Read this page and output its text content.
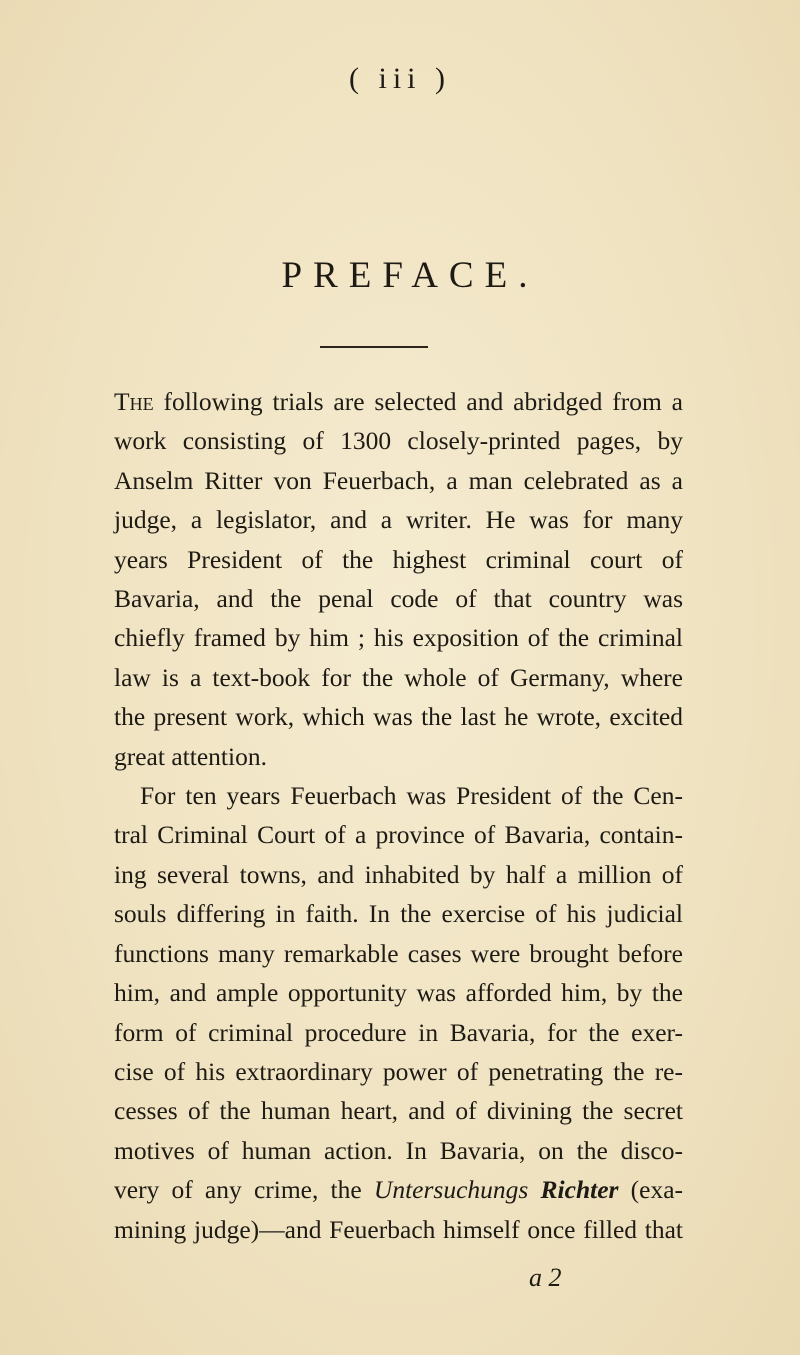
( iii )
PREFACE.
The following trials are selected and abridged from a
work consisting of 1300 closely-printed pages, by
Anselm Ritter von Feuerbach, a man celebrated as a
judge, a legislator, and a writer. He was for many
years President of the highest criminal court of
Bavaria, and the penal code of that country was
chiefly framed by him ; his exposition of the criminal
law is a text-book for the whole of Germany, where
the present work, which was the last he wrote, excited
great attention.
For ten years Feuerbach was President of the Cen-
tral Criminal Court of a province of Bavaria, contain-
ing several towns, and inhabited by half a million of
souls differing in faith. In the exercise of his judicial
functions many remarkable cases were brought before
him, and ample opportunity was afforded him, by the
form of criminal procedure in Bavaria, for the exer-
cise of his extraordinary power of penetrating the re-
cesses of the human heart, and of divining the secret
motives of human action. In Bavaria, on the disco-
very of any crime, the Untersuchungs Richter (exa-
mining judge)—and Feuerbach himself once filled that
a 2
